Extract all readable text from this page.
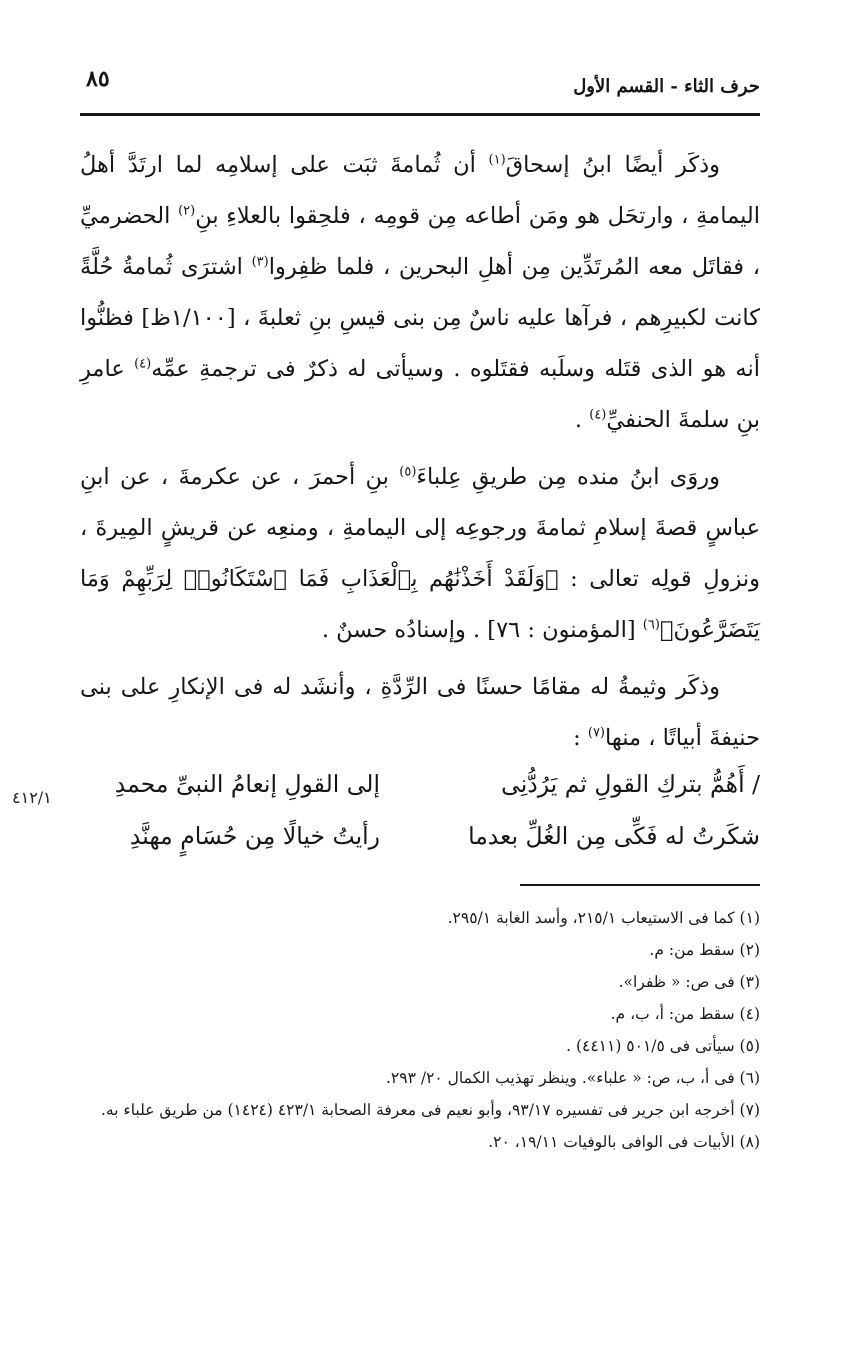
٨٥	حرف الثاء - القسم الأول

وذكَر أيضًا ابنُ إسحاقَ$^{(١)}$ أن ثُمامةَ ثبَت على إسلامِه لما ارتَدَّ أهلُ اليمامةِ ، وارتحَل هو ومَن أطاعه مِن قومِه ، فلحِقوا بالعلاءِ بنِ$^{(٢)}$ الحضرميِّ ، فقاتَل معه المُرتَدِّين مِن أهلِ البحرين ، فلما ظفِروا$^{(٣)}$ اشترَى ثُمامةُ حُلَّةً كانت لكبيرِهم ، فرآها عليه ناسٌ مِن بنى قيسِ بنِ ثعلبةَ ، [١/١٠٠ظ] فظنُّوا أنه هو الذى قتَله وسلَبه فقتَلوه . وسيأتى له ذكرٌ فى ترجمةِ عمِّه$^{(٤)}$ عامرِ بنِ سلمةَ الحنفيِّ$^{(٤)}$ .

وروَى ابنُ منده مِن طريقِ عِلباءَ$^{(٥)}$ بنِ أحمرَ ، عن عكرمةَ ، عن ابنِ عباسٍ قصةَ إسلامِ ثمامةَ ورجوعِه إلى اليمامةِ ، ومنعِه عن قريشٍ المِيرةَ ، ونزولِ قولِه تعالى : ﴿وَلَقَدْ أَخَذْنَٰهُم بِٱلْعَذَابِ فَمَا ٱسْتَكَانُوا۟ لِرَبِّهِمْ وَمَا يَتَضَرَّعُونَ﴾$^{(٦)}$ [المؤمنون : ٧٦] . وإسنادُه حسنٌ .

وذكَر وثيمةُ له مقامًا حسنًا فى الرِّدَّةِ ، وأنشَد له فى الإنكارِ على بنى حنيفةَ أبياتًا ، منها$^{(٧)}$ :

٤١٢/١	/ أَهُمُّ بتركِ القولِ ثم يَرُدُّنِى
إلى القولِ إنعامُ النبىِّ محمدِ
شكَرتُ له فَكِّى مِن الغُلِّ بعدما
رأيتُ خيالًا مِن حُسَامٍ مهنَّدِ

(١) كما فى الاستيعاب ٢١٥/١، وأسد الغابة ٢٩٥/١.

(٢) سقط من: م.

(٣) فى ص: « ظفرا».

(٤) سقط من: أ، ب، م.

(٥) سيأتى فى ٥٠١/٥ (٤٤١١) .

(٦) فى أ، ب، ص: « علباء». وينظر تهذيب الكمال ٢٠/ ٢٩٣.

(٧) أخرجه ابن جرير فى تفسيره ٩٣/١٧، وأبو نعيم فى معرفة الصحابة ٤٢٣/١ (١٤٢٤) من طريق علباء به.

(٨) الأبيات فى الوافى بالوفيات ١٩/١١، ٢٠.
